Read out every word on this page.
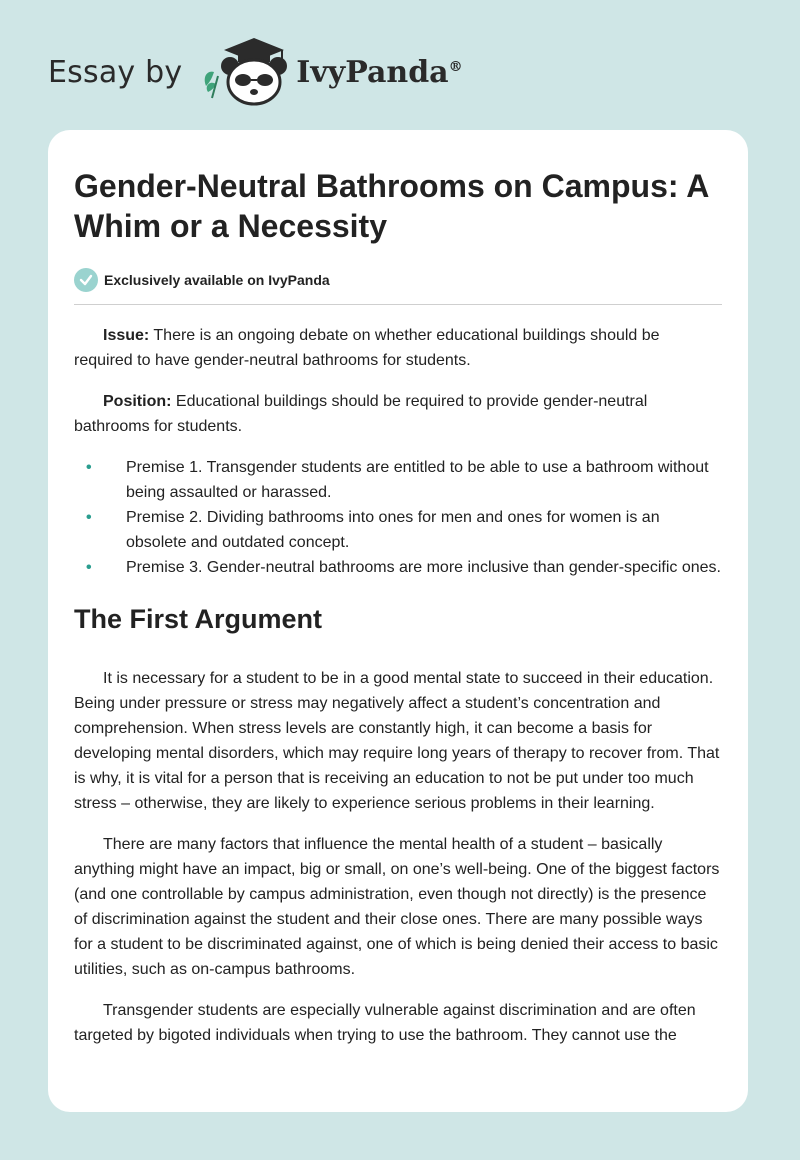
Essay by	IvyPanda®
Gender-Neutral Bathrooms on Campus: A Whim or a Necessity
Exclusively available on IvyPanda

Issue: There is an ongoing debate on whether educational buildings should be required to have gender-neutral bathrooms for students.

Position: Educational buildings should be required to provide gender-neutral bathrooms for students.

• Premise 1. Transgender students are entitled to be able to use a bathroom without being assaulted or harassed.
• Premise 2. Dividing bathrooms into ones for men and ones for women is an obsolete and outdated concept.
• Premise 3. Gender-neutral bathrooms are more inclusive than gender-specific ones.
The First Argument

It is necessary for a student to be in a good mental state to succeed in their education. Being under pressure or stress may negatively affect a student’s concentration and comprehension. When stress levels are constantly high, it can become a basis for developing mental disorders, which may require long years of therapy to recover from. That is why, it is vital for a person that is receiving an education to not be put under too much stress – otherwise, they are likely to experience serious problems in their learning.

There are many factors that influence the mental health of a student – basically anything might have an impact, big or small, on one’s well-being. One of the biggest factors (and one controllable by campus administration, even though not directly) is the presence of discrimination against the student and their close ones. There are many possible ways for a student to be discriminated against, one of which is being denied their access to basic utilities, such as on-campus bathrooms.

Transgender students are especially vulnerable against discrimination and are often targeted by bigoted individuals when trying to use the bathroom. They cannot use the
